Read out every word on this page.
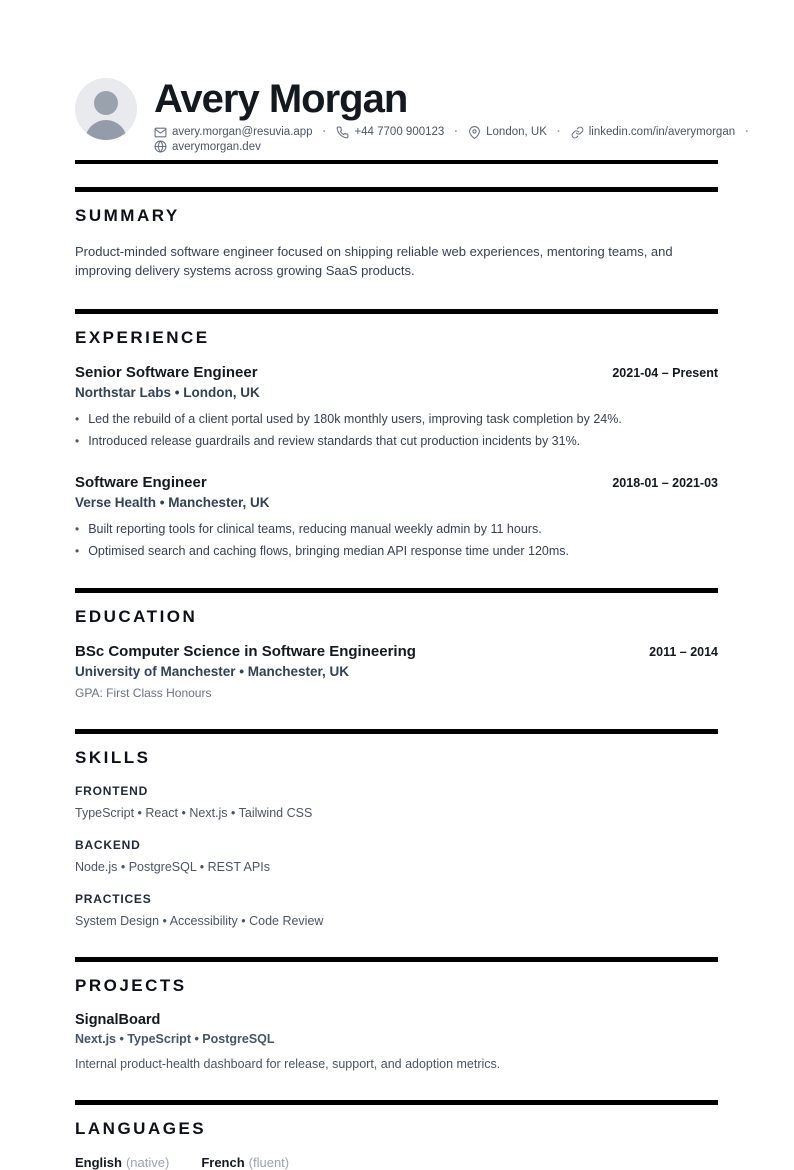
Avery Morgan
avery.morgan@resuvia.app · +44 7700 900123 · London, UK · linkedin.com/in/averymorgan ·
averymorgan.dev
SUMMARY

Product-minded software engineer focused on shipping reliable web experiences, mentoring teams, and improving delivery systems across growing SaaS products.

EXPERIENCE
Senior Software Engineer	2021-04 – Present
Northstar Labs • London, UK
• Led the rebuild of a client portal used by 180k monthly users, improving task completion by 24%.
• Introduced release guardrails and review standards that cut production incidents by 31%.
Software Engineer	2018-01 – 2021-03
Verse Health • Manchester, UK
• Built reporting tools for clinical teams, reducing manual weekly admin by 11 hours.
• Optimised search and caching flows, bringing median API response time under 120ms.
EDUCATION
BSc Computer Science in Software Engineering	2011 – 2014
University of Manchester • Manchester, UK
GPA: First Class Honours
SKILLS
FRONTEND
TypeScript • React • Next.js • Tailwind CSS
BACKEND
Node.js • PostgreSQL • REST APIs
PRACTICES
System Design • Accessibility • Code Review
PROJECTS
SignalBoard
Next.js • TypeScript • PostgreSQL
Internal product-health dashboard for release, support, and adoption metrics.
LANGUAGES
English (native) French (fluent)
